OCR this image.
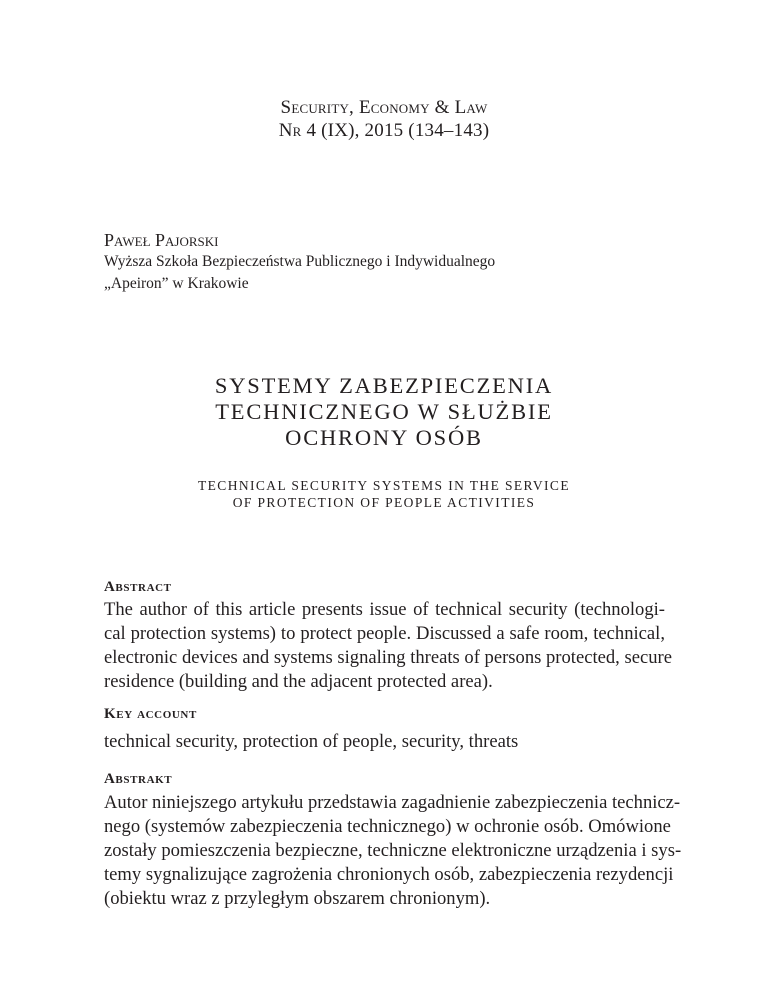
Security, Economy & Law
Nr 4 (IX), 2015 (134–143)
Paweł Pajorski
Wyższa Szkoła Bezpieczeństwa Publicznego i Indywidualnego
„Apeiron” w Krakowie
SYSTEMY ZABEZPIECZENIA
TECHNICZNEGO W SŁUŻBIE
OCHRONY OSÓB
TECHNICAL SECURITY SYSTEMS IN THE SERVICE
OF PROTECTION OF PEOPLE ACTIVITIES
Abstract
The author of this article presents issue of technical security (technologi-
cal protection systems) to protect people. Discussed a safe room, technical,
electronic devices and systems signaling threats of persons protected, secure
residence (building and the adjacent protected area).
Key account
technical security, protection of people, security, threats
Abstrakt
Autor niniejszego artykułu przedstawia zagadnienie zabezpieczenia technicz-
nego (systemów zabezpieczenia technicznego) w ochronie osób. Omówione
zostały pomieszczenia bezpieczne, techniczne elektroniczne urządzenia i sys-
temy sygnalizujące zagrożenia chronionych osób, zabezpieczenia rezydencji
(obiektu wraz z przyległym obszarem chronionym).
